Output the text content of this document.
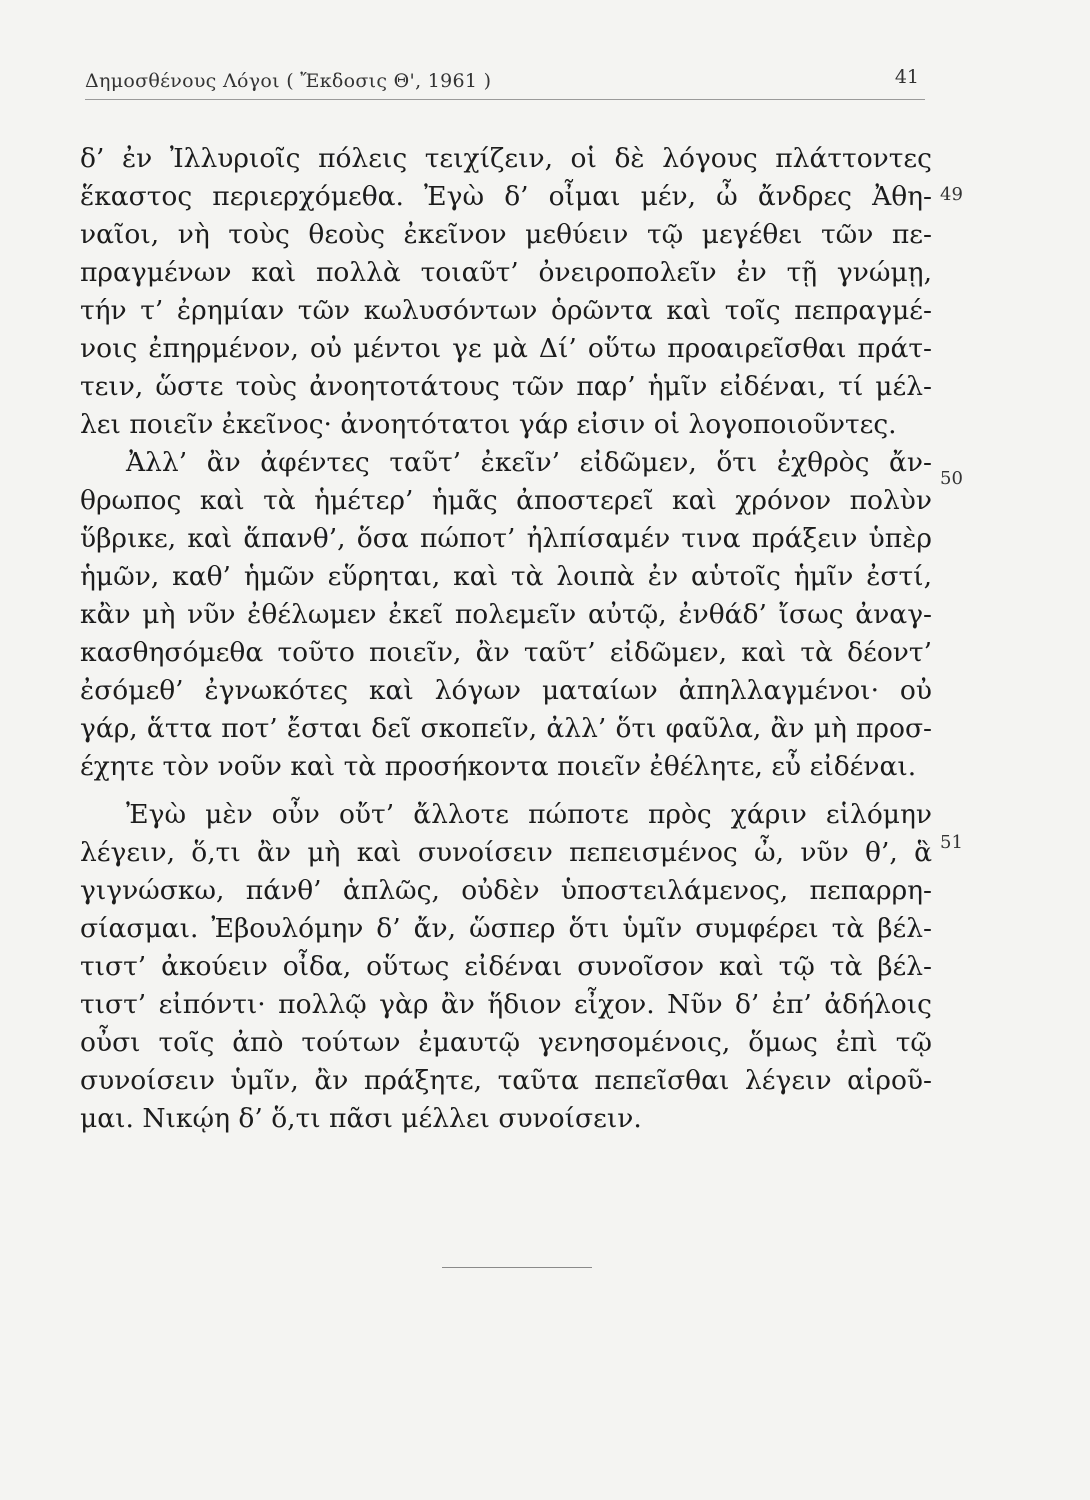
Δημοσθένους Λόγοι ( Ἔκδοσις Θ', 1961 )	41
δ’ ἐν Ἰλλυριοῖς πόλεις τειχίζειν, οἱ δὲ λόγους πλάττοντες
ἕκαστος περιερχόμεθα. Ἐγὼ δ’ οἶμαι μέν, ὦ ἄνδρες Ἀθη-
ναῖοι, νὴ τοὺς θεοὺς ἐκεῖνον μεθύειν τῷ μεγέθει τῶν πε-
πραγμένων καὶ πολλὰ τοιαῦτ’ ὀνειροπολεῖν ἐν τῇ γνώμῃ,
τήν τ’ ἐρημίαν τῶν κωλυσόντων ὁρῶντα καὶ τοῖς πεπραγμέ-
νοις ἐπηρμένον, οὐ μέντοι γε μὰ Δί’ οὕτω προαιρεῖσθαι πράτ-
τειν, ὥστε τοὺς ἀνοητοτάτους τῶν παρ’ ἡμῖν εἰδέναι, τί μέλ-
λει ποιεῖν ἐκεῖνος· ἀνοητότατοι γάρ εἰσιν οἱ λογοποιοῦντες.
Ἀλλ’ ἂν ἀφέντες ταῦτ’ ἐκεῖν’ εἰδῶμεν, ὅτι ἐχθρὸς ἄν-
θρωπος καὶ τὰ ἡμέτερ’ ἡμᾶς ἀποστερεῖ καὶ χρόνον πολὺν
ὕβρικε, καὶ ἅπανθ’, ὅσα πώποτ’ ἠλπίσαμέν τινα πράξειν ὑπὲρ
ἡμῶν, καθ’ ἡμῶν εὕρηται, καὶ τὰ λοιπὰ ἐν αὑτοῖς ἡμῖν ἐστί,
κἂν μὴ νῦν ἐθέλωμεν ἐκεῖ πολεμεῖν αὐτῷ, ἐνθάδ’ ἴσως ἀναγ-
κασθησόμεθα τοῦτο ποιεῖν, ἂν ταῦτ’ εἰδῶμεν, καὶ τὰ δέοντ’
ἐσόμεθ’ ἐγνωκότες καὶ λόγων ματαίων ἀπηλλαγμένοι· οὐ
γάρ, ἅττα ποτ’ ἔσται δεῖ σκοπεῖν, ἀλλ’ ὅτι φαῦλα, ἂν μὴ προσ-
έχητε τὸν νοῦν καὶ τὰ προσήκοντα ποιεῖν ἐθέλητε, εὖ εἰδέναι.
Ἐγὼ μὲν οὖν οὔτ’ ἄλλοτε πώποτε πρὸς χάριν εἱλόμην
λέγειν, ὅ,τι ἂν μὴ καὶ συνοίσειν πεπεισμένος ὦ, νῦν θ’, ἃ
γιγνώσκω, πάνθ’ ἁπλῶς, οὐδὲν ὑποστειλάμενος, πεπαρρη-
σίασμαι. Ἐβουλόμην δ’ ἄν, ὥσπερ ὅτι ὑμῖν συμφέρει τὰ βέλ-
τιστ’ ἀκούειν οἶδα, οὕτως εἰδέναι συνοῖσον καὶ τῷ τὰ βέλ-
τιστ’ εἰπόντι· πολλῷ γὰρ ἂν ἥδιον εἶχον. Νῦν δ’ ἐπ’ ἀδήλοις
οὖσι τοῖς ἀπὸ τούτων ἐμαυτῷ γενησομένοις, ὅμως ἐπὶ τῷ
συνοίσειν ὑμῖν, ἂν πράξητε, ταῦτα πεπεῖσθαι λέγειν αἱροῦ-
μαι. Νικῴη δ’ ὅ,τι πᾶσι μέλλει συνοίσειν.
49
50
51
